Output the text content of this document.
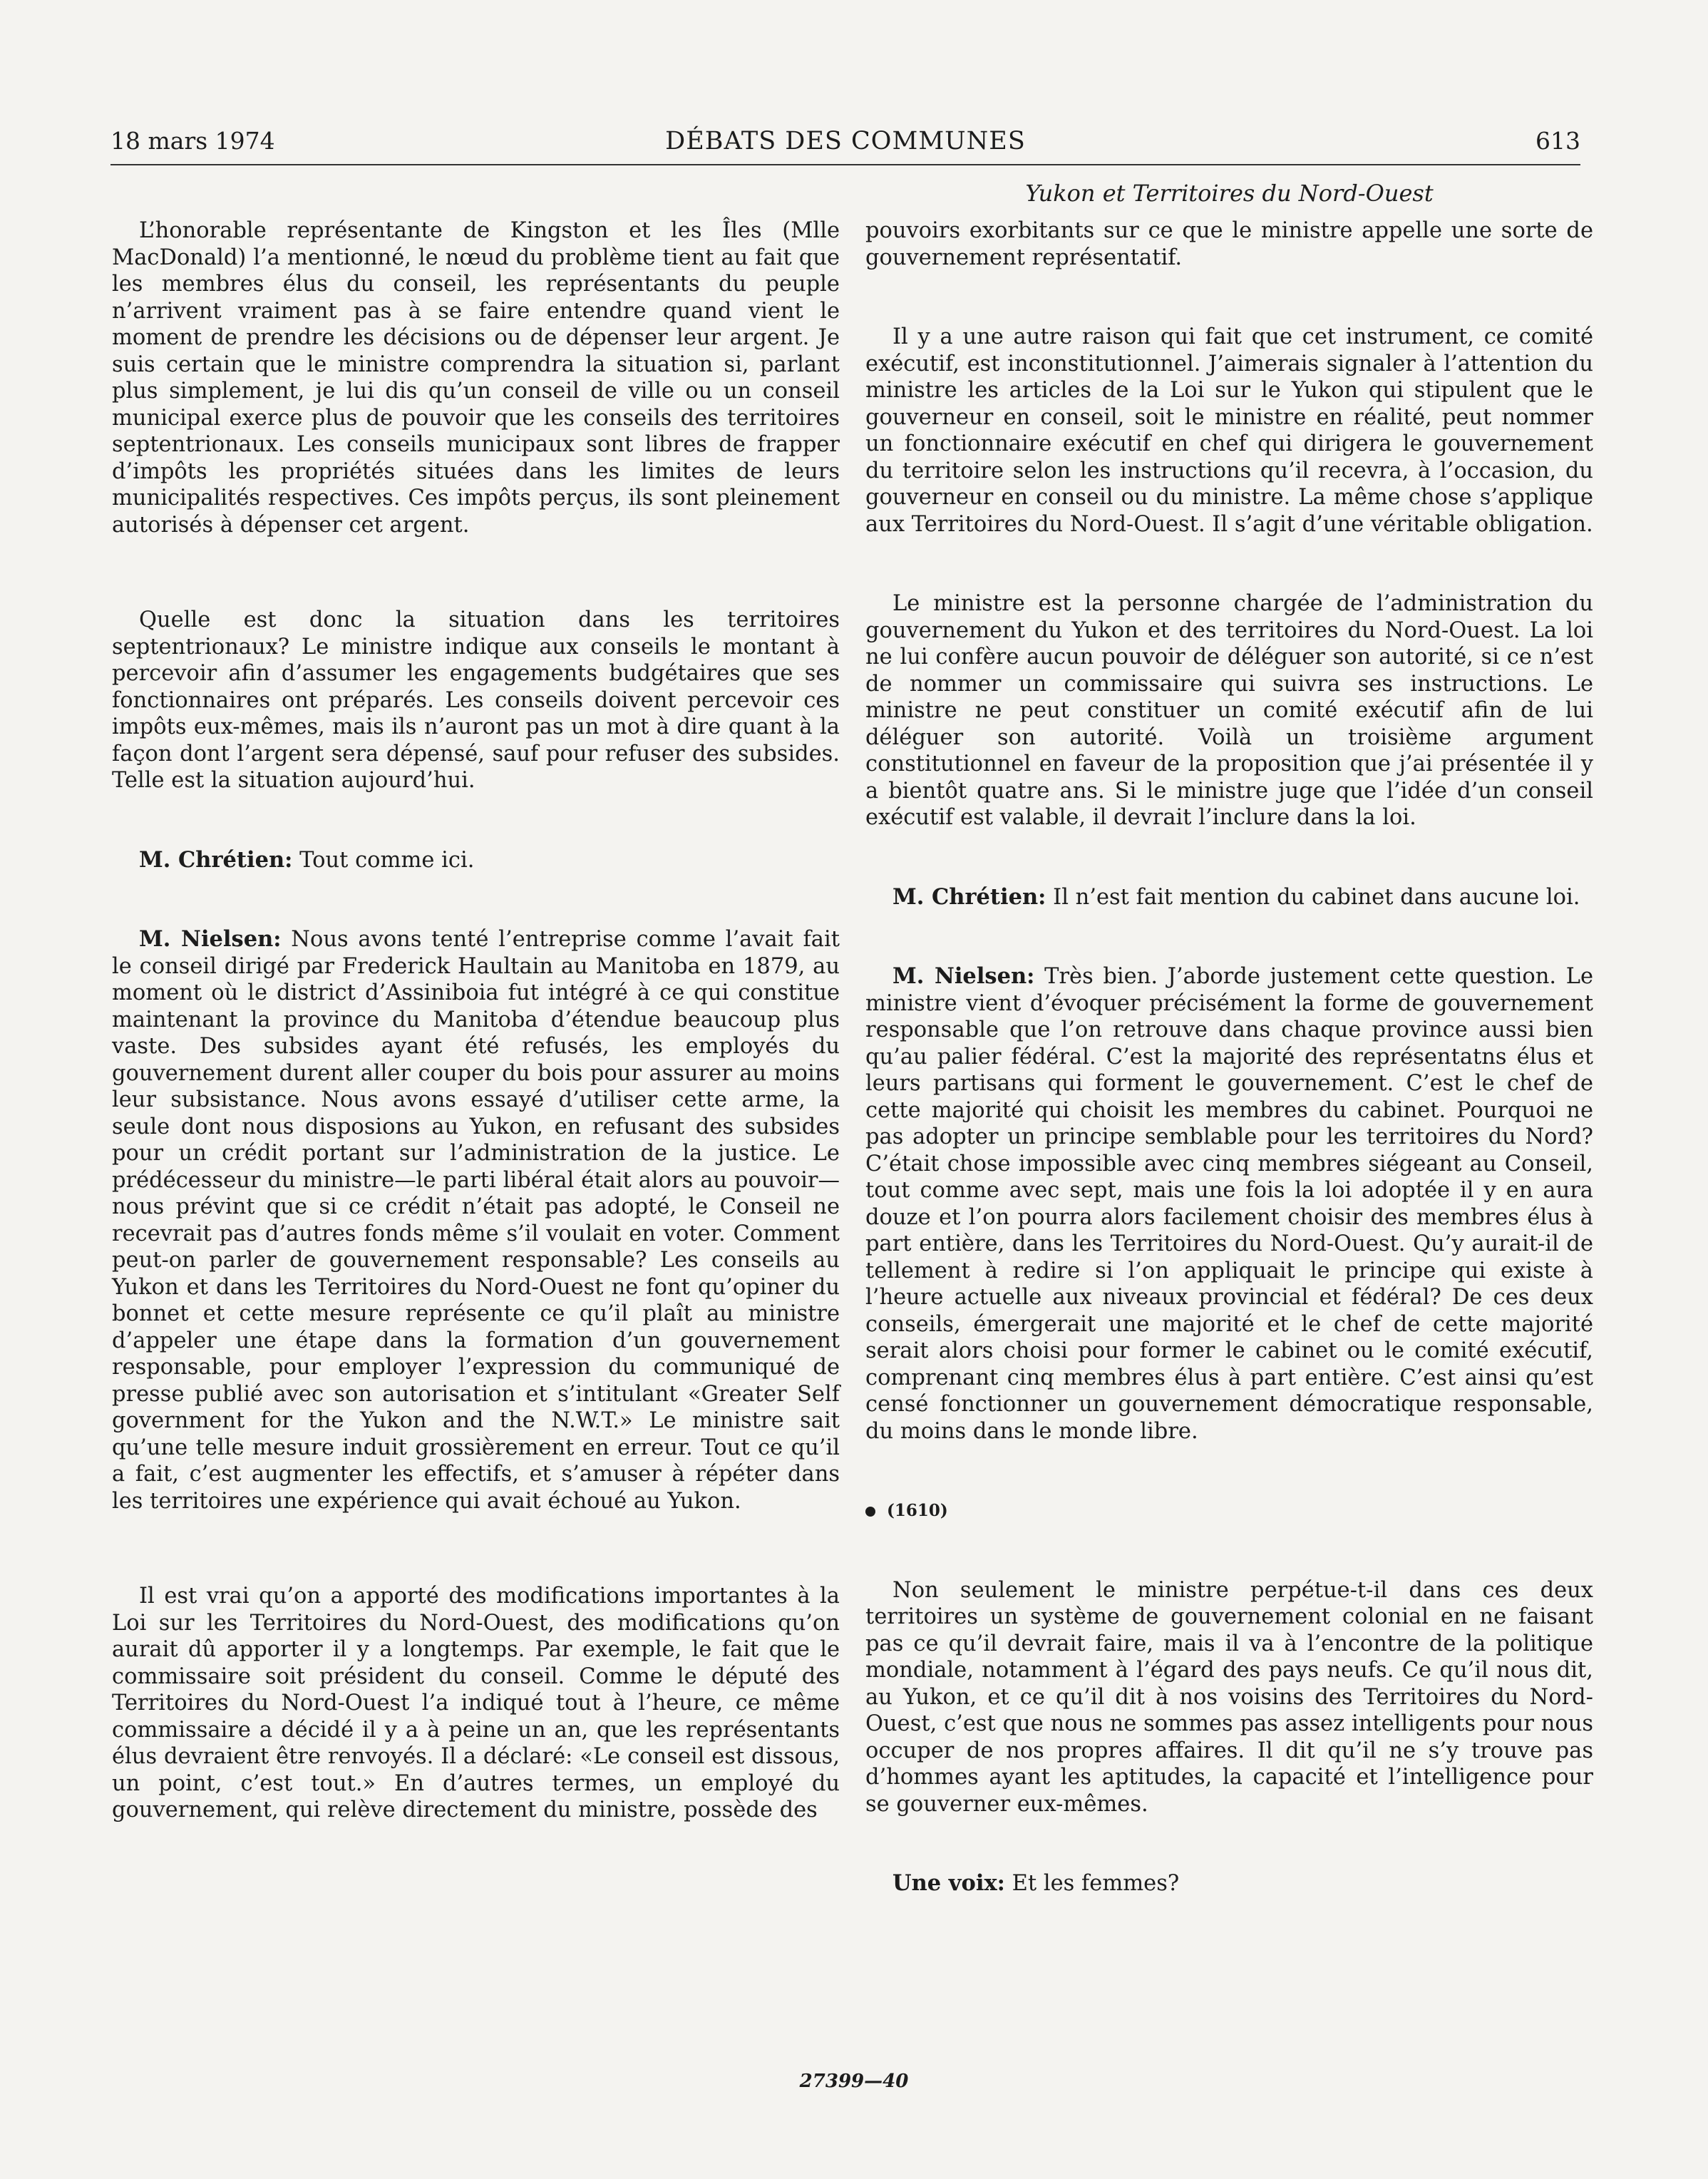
18 mars 1974	DÉBATS DES COMMUNES	613
Yukon et Territoires du Nord-Ouest

L’honorable représentante de Kingston et les Îles (Mlle MacDonald) l’a mentionné, le nœud du problème tient au fait que les membres élus du conseil, les représentants du peuple n’arrivent vraiment pas à se faire entendre quand vient le moment de prendre les décisions ou de dépenser leur argent. Je suis certain que le ministre comprendra la situation si, parlant plus simplement, je lui dis qu’un conseil de ville ou un conseil municipal exerce plus de pouvoir que les conseils des territoires septentrionaux. Les conseils municipaux sont libres de frapper d’impôts les propriétés situées dans les limites de leurs municipalités respectives. Ces impôts perçus, ils sont pleinement autorisés à dépenser cet argent.

Quelle est donc la situation dans les territoires septentrionaux? Le ministre indique aux conseils le montant à percevoir afin d’assumer les engagements budgétaires que ses fonctionnaires ont préparés. Les conseils doivent percevoir ces impôts eux-mêmes, mais ils n’auront pas un mot à dire quant à la façon dont l’argent sera dépensé, sauf pour refuser des subsides. Telle est la situation aujourd’hui.

M. Chrétien: Tout comme ici.

M. Nielsen: Nous avons tenté l’entreprise comme l’avait fait le conseil dirigé par Frederick Haultain au Manitoba en 1879, au moment où le district d’Assiniboia fut intégré à ce qui constitue maintenant la province du Manitoba d’étendue beaucoup plus vaste. Des subsides ayant été refusés, les employés du gouvernement durent aller couper du bois pour assurer au moins leur subsistance. Nous avons essayé d’utiliser cette arme, la seule dont nous disposions au Yukon, en refusant des subsides pour un crédit portant sur l’administration de la justice. Le prédécesseur du ministre—le parti libéral était alors au pouvoir—nous prévint que si ce crédit n’était pas adopté, le Conseil ne recevrait pas d’autres fonds même s’il voulait en voter. Comment peut-on parler de gouvernement responsable? Les conseils au Yukon et dans les Territoires du Nord-Ouest ne font qu’opiner du bonnet et cette mesure représente ce qu’il plaît au ministre d’appeler une étape dans la formation d’un gouvernement responsable, pour employer l’expression du communiqué de presse publié avec son autorisation et s’intitulant «Greater Self government for the Yukon and the N.W.T.» Le ministre sait qu’une telle mesure induit grossièrement en erreur. Tout ce qu’il a fait, c’est augmenter les effectifs, et s’amuser à répéter dans les territoires une expérience qui avait échoué au Yukon.

Il est vrai qu’on a apporté des modifications importantes à la Loi sur les Territoires du Nord-Ouest, des modifications qu’on aurait dû apporter il y a longtemps. Par exemple, le fait que le commissaire soit président du conseil. Comme le député des Territoires du Nord-Ouest l’a indiqué tout à l’heure, ce même commissaire a décidé il y a à peine un an, que les représentants élus devraient être renvoyés. Il a déclaré: «Le conseil est dissous, un point, c’est tout.» En d’autres termes, un employé du gouvernement, qui relève directement du ministre, possède des

pouvoirs exorbitants sur ce que le ministre appelle une sorte de gouvernement représentatif.

Il y a une autre raison qui fait que cet instrument, ce comité exécutif, est inconstitutionnel. J’aimerais signaler à l’attention du ministre les articles de la Loi sur le Yukon qui stipulent que le gouverneur en conseil, soit le ministre en réalité, peut nommer un fonctionnaire exécutif en chef qui dirigera le gouvernement du territoire selon les instructions qu’il recevra, à l’occasion, du gouverneur en conseil ou du ministre. La même chose s’applique aux Territoires du Nord-Ouest. Il s’agit d’une véritable obligation.

Le ministre est la personne chargée de l’administration du gouvernement du Yukon et des territoires du Nord-Ouest. La loi ne lui confère aucun pouvoir de déléguer son autorité, si ce n’est de nommer un commissaire qui suivra ses instructions. Le ministre ne peut constituer un comité exécutif afin de lui déléguer son autorité. Voilà un troisième argument constitutionnel en faveur de la proposition que j’ai présentée il y a bientôt quatre ans. Si le ministre juge que l’idée d’un conseil exécutif est valable, il devrait l’inclure dans la loi.

M. Chrétien: Il n’est fait mention du cabinet dans aucune loi.

M. Nielsen: Très bien. J’aborde justement cette question. Le ministre vient d’évoquer précisément la forme de gouvernement responsable que l’on retrouve dans chaque province aussi bien qu’au palier fédéral. C’est la majorité des représentatns élus et leurs partisans qui forment le gouvernement. C’est le chef de cette majorité qui choisit les membres du cabinet. Pourquoi ne pas adopter un principe semblable pour les territoires du Nord? C’était chose impossible avec cinq membres siégeant au Conseil, tout comme avec sept, mais une fois la loi adoptée il y en aura douze et l’on pourra alors facilement choisir des membres élus à part entière, dans les Territoires du Nord-Ouest. Qu’y aurait-il de tellement à redire si l’on appliquait le principe qui existe à l’heure actuelle aux niveaux provincial et fédéral? De ces deux conseils, émergerait une majorité et le chef de cette majorité serait alors choisi pour former le cabinet ou le comité exécutif, comprenant cinq membres élus à part entière. C’est ainsi qu’est censé fonctionner un gouvernement démocratique responsable, du moins dans le monde libre.

(1610)

Non seulement le ministre perpétue-t-il dans ces deux territoires un système de gouvernement colonial en ne faisant pas ce qu’il devrait faire, mais il va à l’encontre de la politique mondiale, notamment à l’égard des pays neufs. Ce qu’il nous dit, au Yukon, et ce qu’il dit à nos voisins des Territoires du Nord-Ouest, c’est que nous ne sommes pas assez intelligents pour nous occuper de nos propres affaires. Il dit qu’il ne s’y trouve pas d’hommes ayant les aptitudes, la capacité et l’intelligence pour se gouverner eux-mêmes.

Une voix: Et les femmes?

27399—40
